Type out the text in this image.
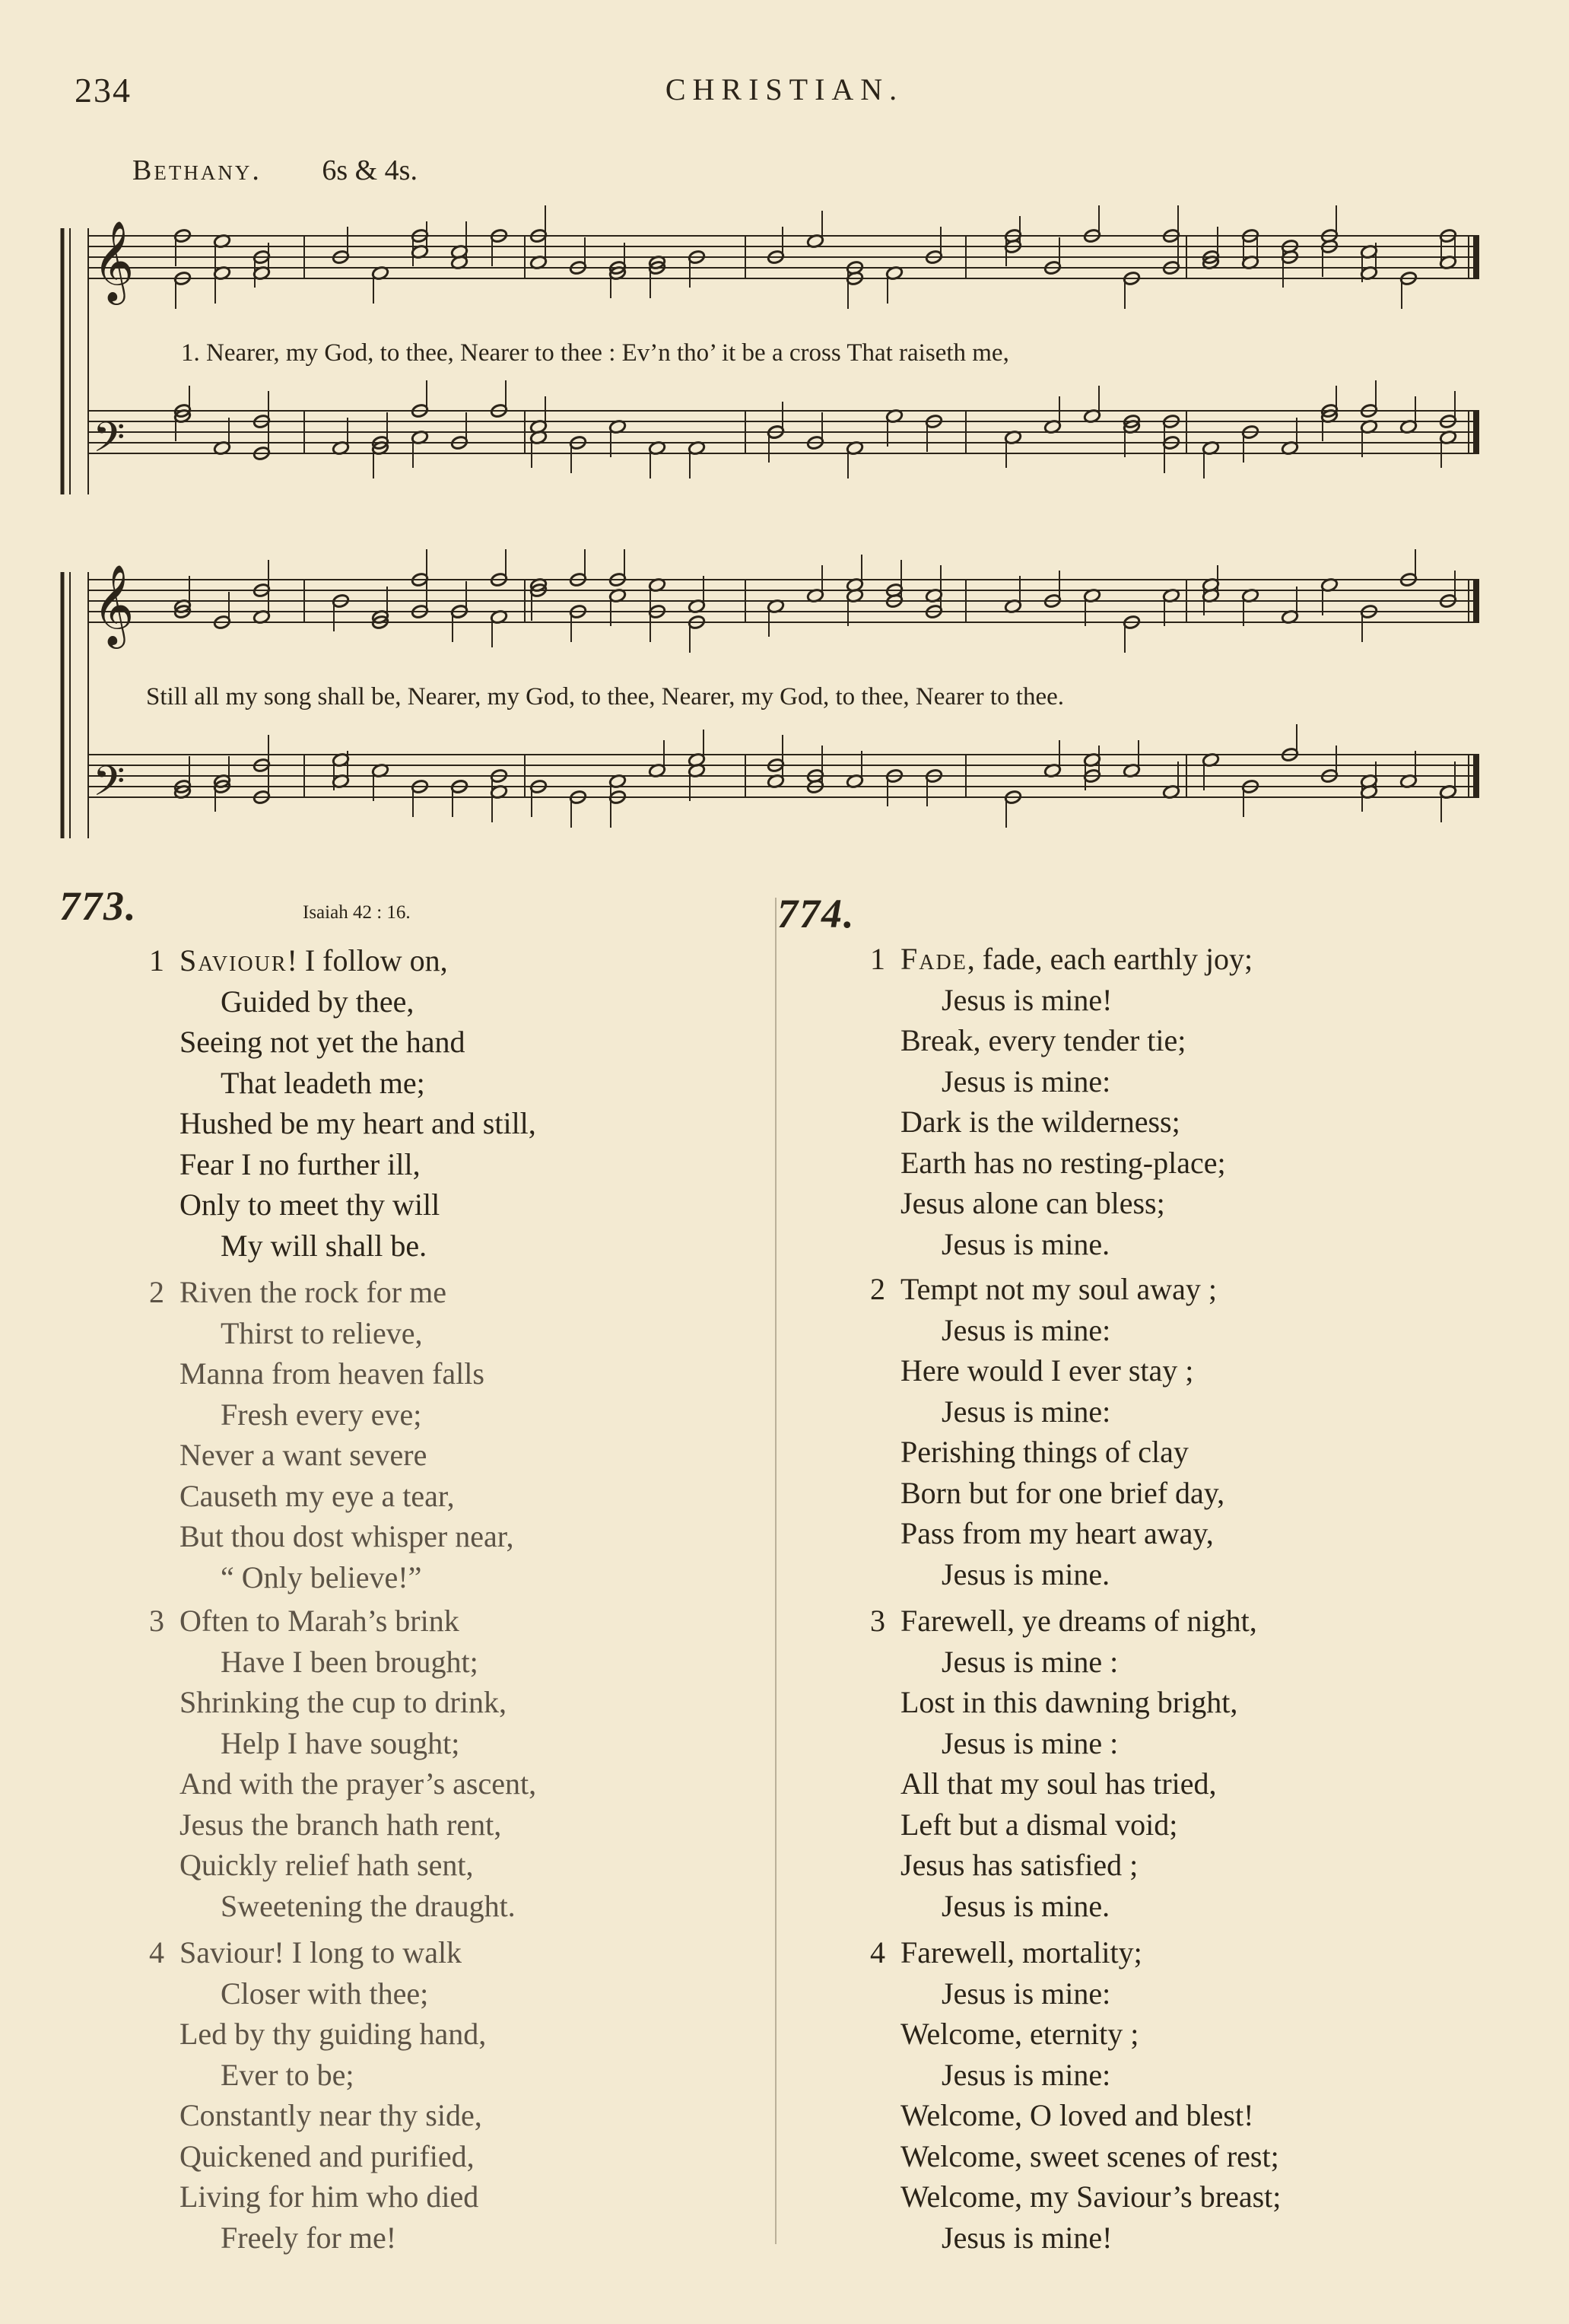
234	CHRISTIAN.
Bethany. 6s & 4s.
𝄞
𝄢
1. Nearer, my God, to thee, Nearer to thee : Ev’n tho’ it be a cross That raiseth me,
𝄞
𝄢
Still all my song shall be, Nearer, my God, to thee, Nearer, my God, to thee, Nearer to thee.
773.	Isaiah 42 : 16.
1 Saviour! I follow on,
Guided by thee,
Seeing not yet the hand
That leadeth me;
Hushed be my heart and still,
Fear I no further ill,
Only to meet thy will
My will shall be.
2 Riven the rock for me
Thirst to relieve,
Manna from heaven falls
Fresh every eve;
Never a want severe
Causeth my eye a tear,
But thou dost whisper near,
“ Only believe!”
3 Often to Marah’s brink
Have I been brought;
Shrinking the cup to drink,
Help I have sought;
And with the prayer’s ascent,
Jesus the branch hath rent,
Quickly relief hath sent,
Sweetening the draught.
4 Saviour! I long to walk
Closer with thee;
Led by thy guiding hand,
Ever to be;
Constantly near thy side,
Quickened and purified,
Living for him who died
Freely for me!
774.
1 Fade, fade, each earthly joy;
Jesus is mine!
Break, every tender tie;
Jesus is mine:
Dark is the wilderness;
Earth has no resting-place;
Jesus alone can bless;
Jesus is mine.
2 Tempt not my soul away ;
Jesus is mine:
Here would I ever stay ;
Jesus is mine:
Perishing things of clay
Born but for one brief day,
Pass from my heart away,
Jesus is mine.
3 Farewell, ye dreams of night,
Jesus is mine :
Lost in this dawning bright,
Jesus is mine :
All that my soul has tried,
Left but a dismal void;
Jesus has satisfied ;
Jesus is mine.
4 Farewell, mortality;
Jesus is mine:
Welcome, eternity ;
Jesus is mine:
Welcome, O loved and blest!
Welcome, sweet scenes of rest;
Welcome, my Saviour’s breast;
Jesus is mine!
